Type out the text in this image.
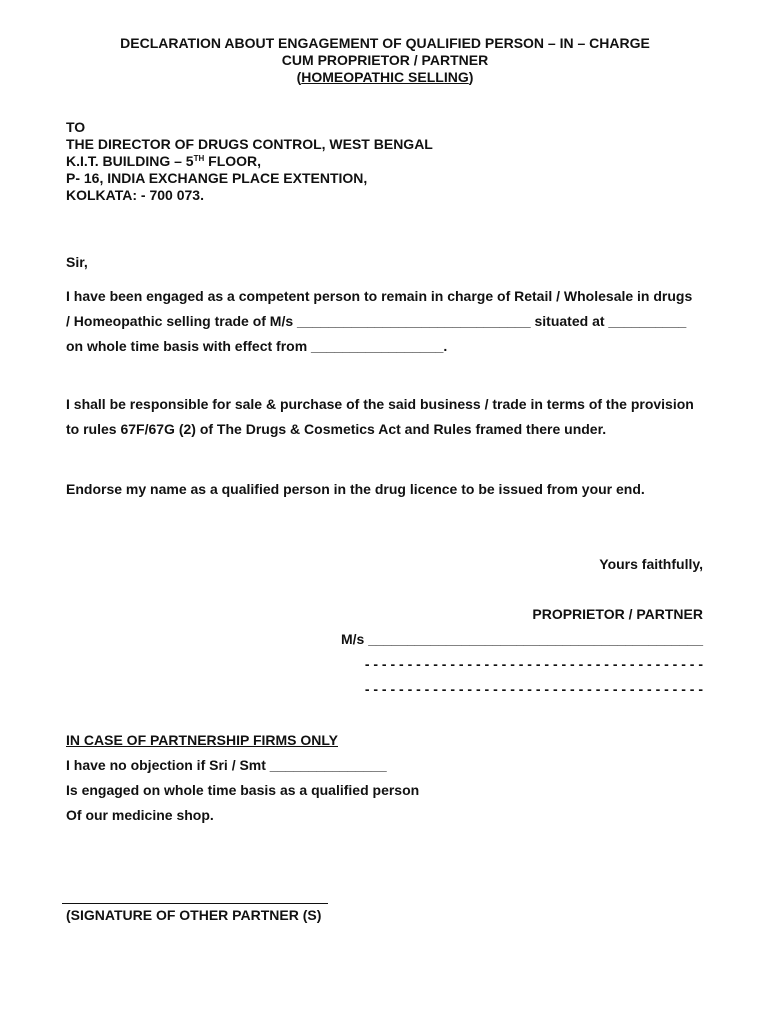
DECLARATION ABOUT ENGAGEMENT OF QUALIFIED PERSON – IN – CHARGE
CUM PROPRIETOR / PARTNER
(HOMEOPATHIC SELLING)
TO
THE DIRECTOR OF DRUGS CONTROL, WEST BENGAL
K.I.T. BUILDING – 5TH FLOOR,
P- 16, INDIA EXCHANGE PLACE EXTENTION,
KOLKATA: - 700 073.
Sir,
I have been engaged as a competent person to remain in charge of Retail / Wholesale in drugs
/ Homeopathic selling trade of M/s ______________________________ situated at __________
on whole time basis with effect from _________________.
I shall be responsible for sale & purchase of the said business / trade in terms of the provision
to rules 67F/67G (2) of The Drugs & Cosmetics Act and Rules framed there under.
Endorse my name as a qualified person in the drug licence to be issued from your end.
Yours faithfully,
PROPRIETOR / PARTNER
M/s ___________________________________________
- - - - - - - - - - - - - - - - - - - - - - - - - - - - - - - - - - - - - - - -
- - - - - - - - - - - - - - - - - - - - - - - - - - - - - - - - - - - - - - - -
IN CASE OF PARTNERSHIP FIRMS ONLY
I have no objection if Sri / Smt _______________
Is engaged on whole time basis as a qualified person
Of our medicine shop.
(SIGNATURE OF OTHER PARTNER (S)
